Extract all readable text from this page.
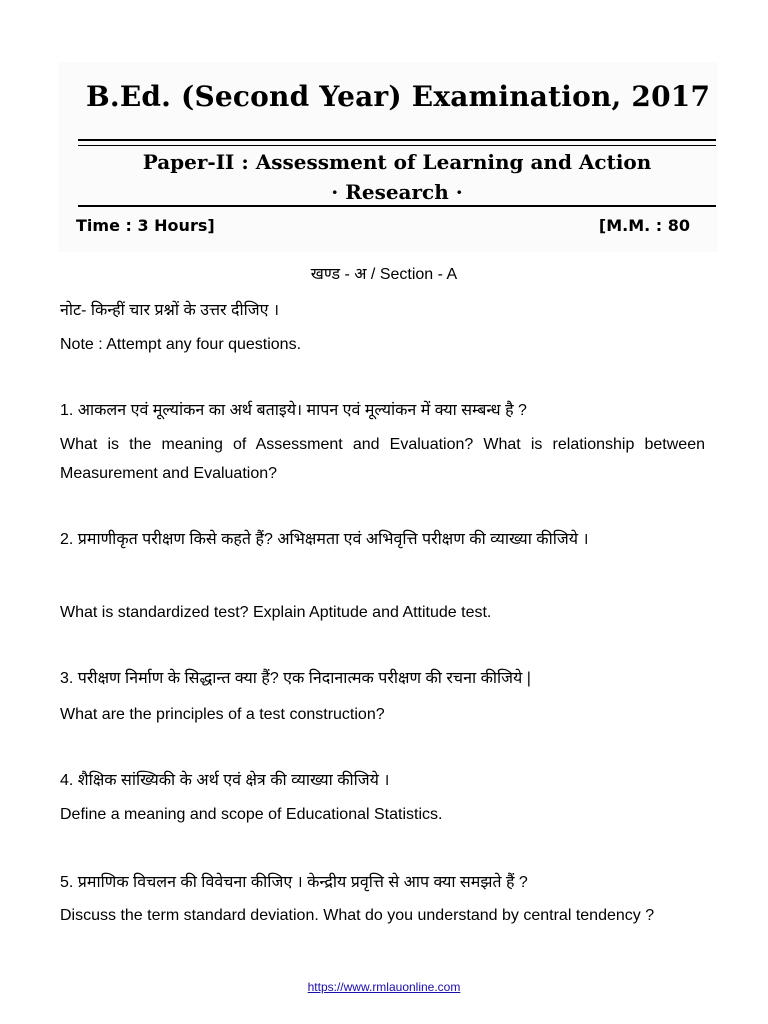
B.Ed. (Second Year) Examination, 2017
Paper-II : Assessment of Learning and Action
· Research ·
Time : 3 Hours]	[M.M. : 80
खण्ड - अ / Section - A
नोट- किन्हीं चार प्रश्नों के उत्तर दीजिए ।
Note : Attempt any four questions.
1. आकलन एवं मूल्यांकन का अर्थ बताइये। मापन एवं मूल्यांकन में क्या सम्बन्ध है ?
What is the meaning of Assessment and Evaluation? What is relationship between Measurement and Evaluation?
2. प्रमाणीकृत परीक्षण किसे कहते हैं? अभिक्षमता एवं अभिवृत्ति परीक्षण की व्याख्या कीजिये ।
What is standardized test? Explain Aptitude and Attitude test.
3. परीक्षण निर्माण के सिद्धान्त क्या हैं? एक निदानात्मक परीक्षण की रचना कीजिये |
What are the principles of a test construction?
4. शैक्षिक सांख्यिकी के अर्थ एवं क्षेत्र की व्याख्या कीजिये ।
Define a meaning and scope of Educational Statistics.
5. प्रमाणिक विचलन की विवेचना कीजिए । केन्द्रीय प्रवृत्ति से आप क्या समझते हैं ?
Discuss the term standard deviation. What do you understand by central tendency ?
https://www.rmlauonline.com
